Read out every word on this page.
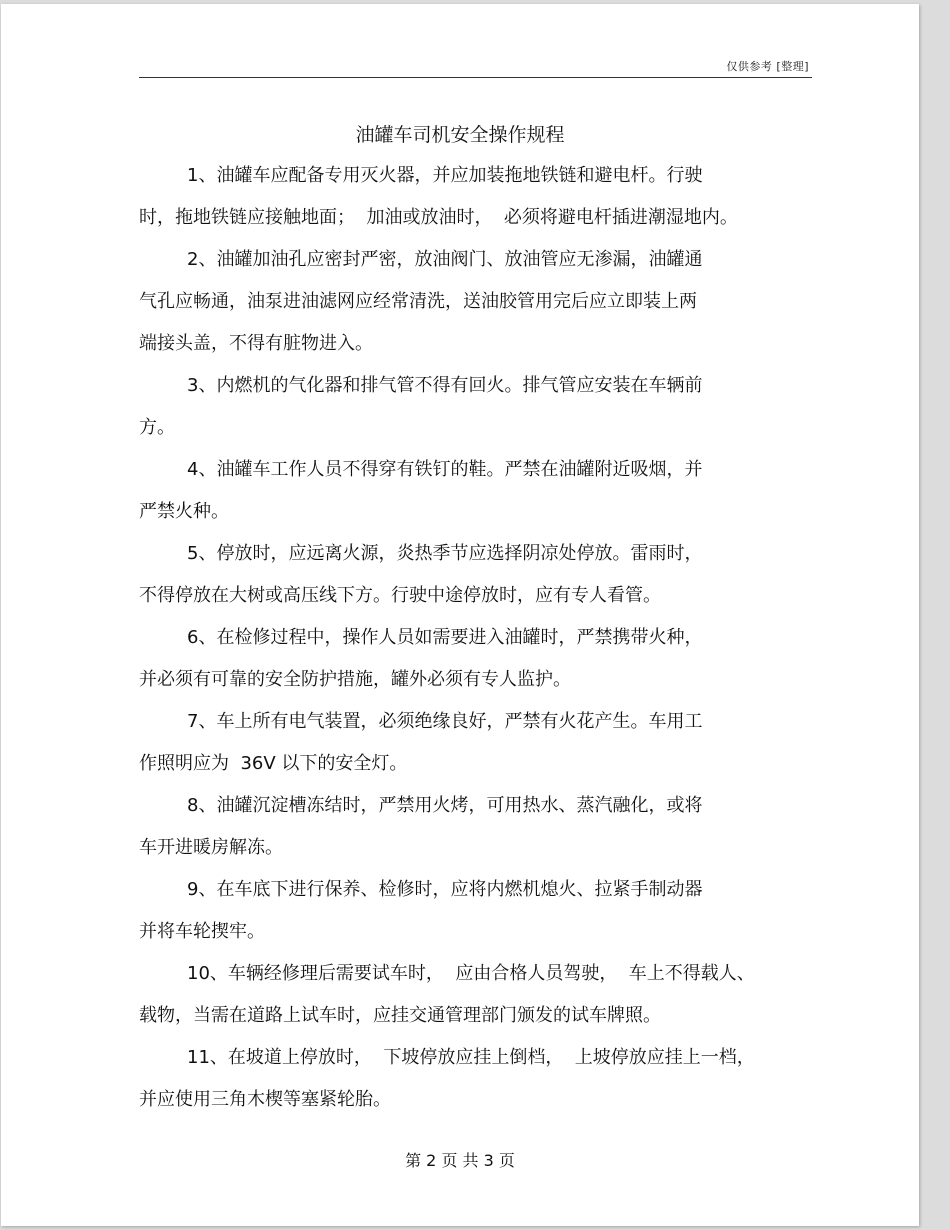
仅供参考 [整理]
油罐车司机安全操作规程
1、油罐车应配备专用灭火器，并应加装拖地铁链和避电杆。行驶
时，拖地铁链应接触地面；  加油或放油时，  必须将避电杆插进潮湿地内。
2、油罐加油孔应密封严密，放油阀门、放油管应无渗漏，油罐通
气孔应畅通，油泵进油滤网应经常清洗，送油胶管用完后应立即装上两
端接头盖，不得有脏物进入。
3、内燃机的气化器和排气管不得有回火。排气管应安装在车辆前
方。
4、油罐车工作人员不得穿有铁钉的鞋。严禁在油罐附近吸烟，并
严禁火种。
5、停放时，应远离火源，炎热季节应选择阴凉处停放。雷雨时，
不得停放在大树或高压线下方。行驶中途停放时，应有专人看管。
6、在检修过程中，操作人员如需要进入油罐时，严禁携带火种，
并必须有可靠的安全防护措施，罐外必须有专人监护。
7、车上所有电气装置，必须绝缘良好，严禁有火花产生。车用工
作照明应为  36V 以下的安全灯。
8、油罐沉淀槽冻结时，严禁用火烤，可用热水、蒸汽融化，或将
车开进暖房解冻。
9、在车底下进行保养、检修时，应将内燃机熄火、拉紧手制动器
并将车轮揳牢。
10、车辆经修理后需要试车时，  应由合格人员驾驶，  车上不得载人、
载物，当需在道路上试车时，应挂交通管理部门颁发的试车牌照。
11、在坡道上停放时，  下坡停放应挂上倒档，  上坡停放应挂上一档，
并应使用三角木楔等塞紧轮胎。
第 2 页 共 3 页
